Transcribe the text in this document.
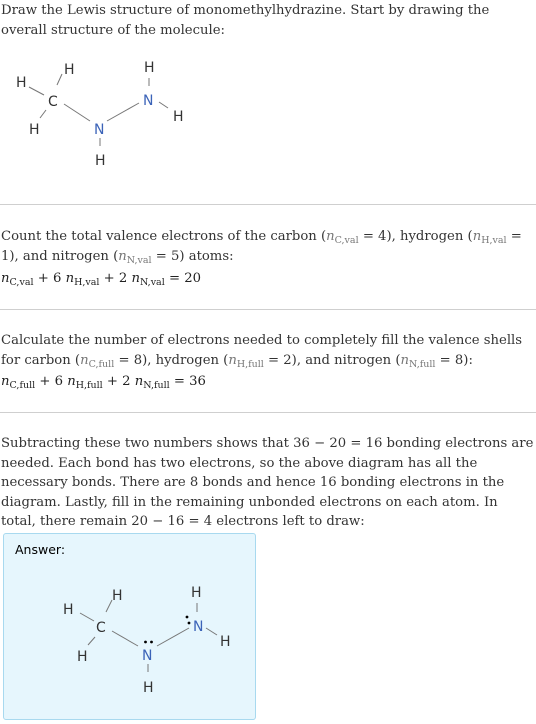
Draw the Lewis structure of monomethylhydrazine. Start by drawing the overall structure of the molecule:

H
H
C
H	N
H
N
H
H

Count the total valence electrons of the carbon $(n_{C,val} = 4)$, hydrogen $(n_{H,val} = 1)$, and nitrogen $(n_{N,val} = 5)$ atoms:

$n_{C,val} + 6$ $n_{H,val} + 2$ $n_{N,val} = 20$

Calculate the number of electrons needed to completely fill the valence shells for carbon $(n_{C,full} = 8)$, hydrogen $(n_{H,full} = 2)$, and nitrogen $(n_{N,full} = 8)$:

$n_{C,full} + 6$ $n_{H,full} + 2$ $n_{N,full} = 36$

Subtracting these two numbers shows that 36 − 20 = 16 bonding electrons are needed. Each bond has two electrons, so the above diagram has all the necessary bonds. There are 8 bonds and hence 16 bonding electrons in the diagram. Lastly, fill in the remaining unbonded electrons on each atom. In total, there remain 20 − 16 = 4 electrons left to draw:

Answer:
H
H
C
H	N
H
N
H
H
